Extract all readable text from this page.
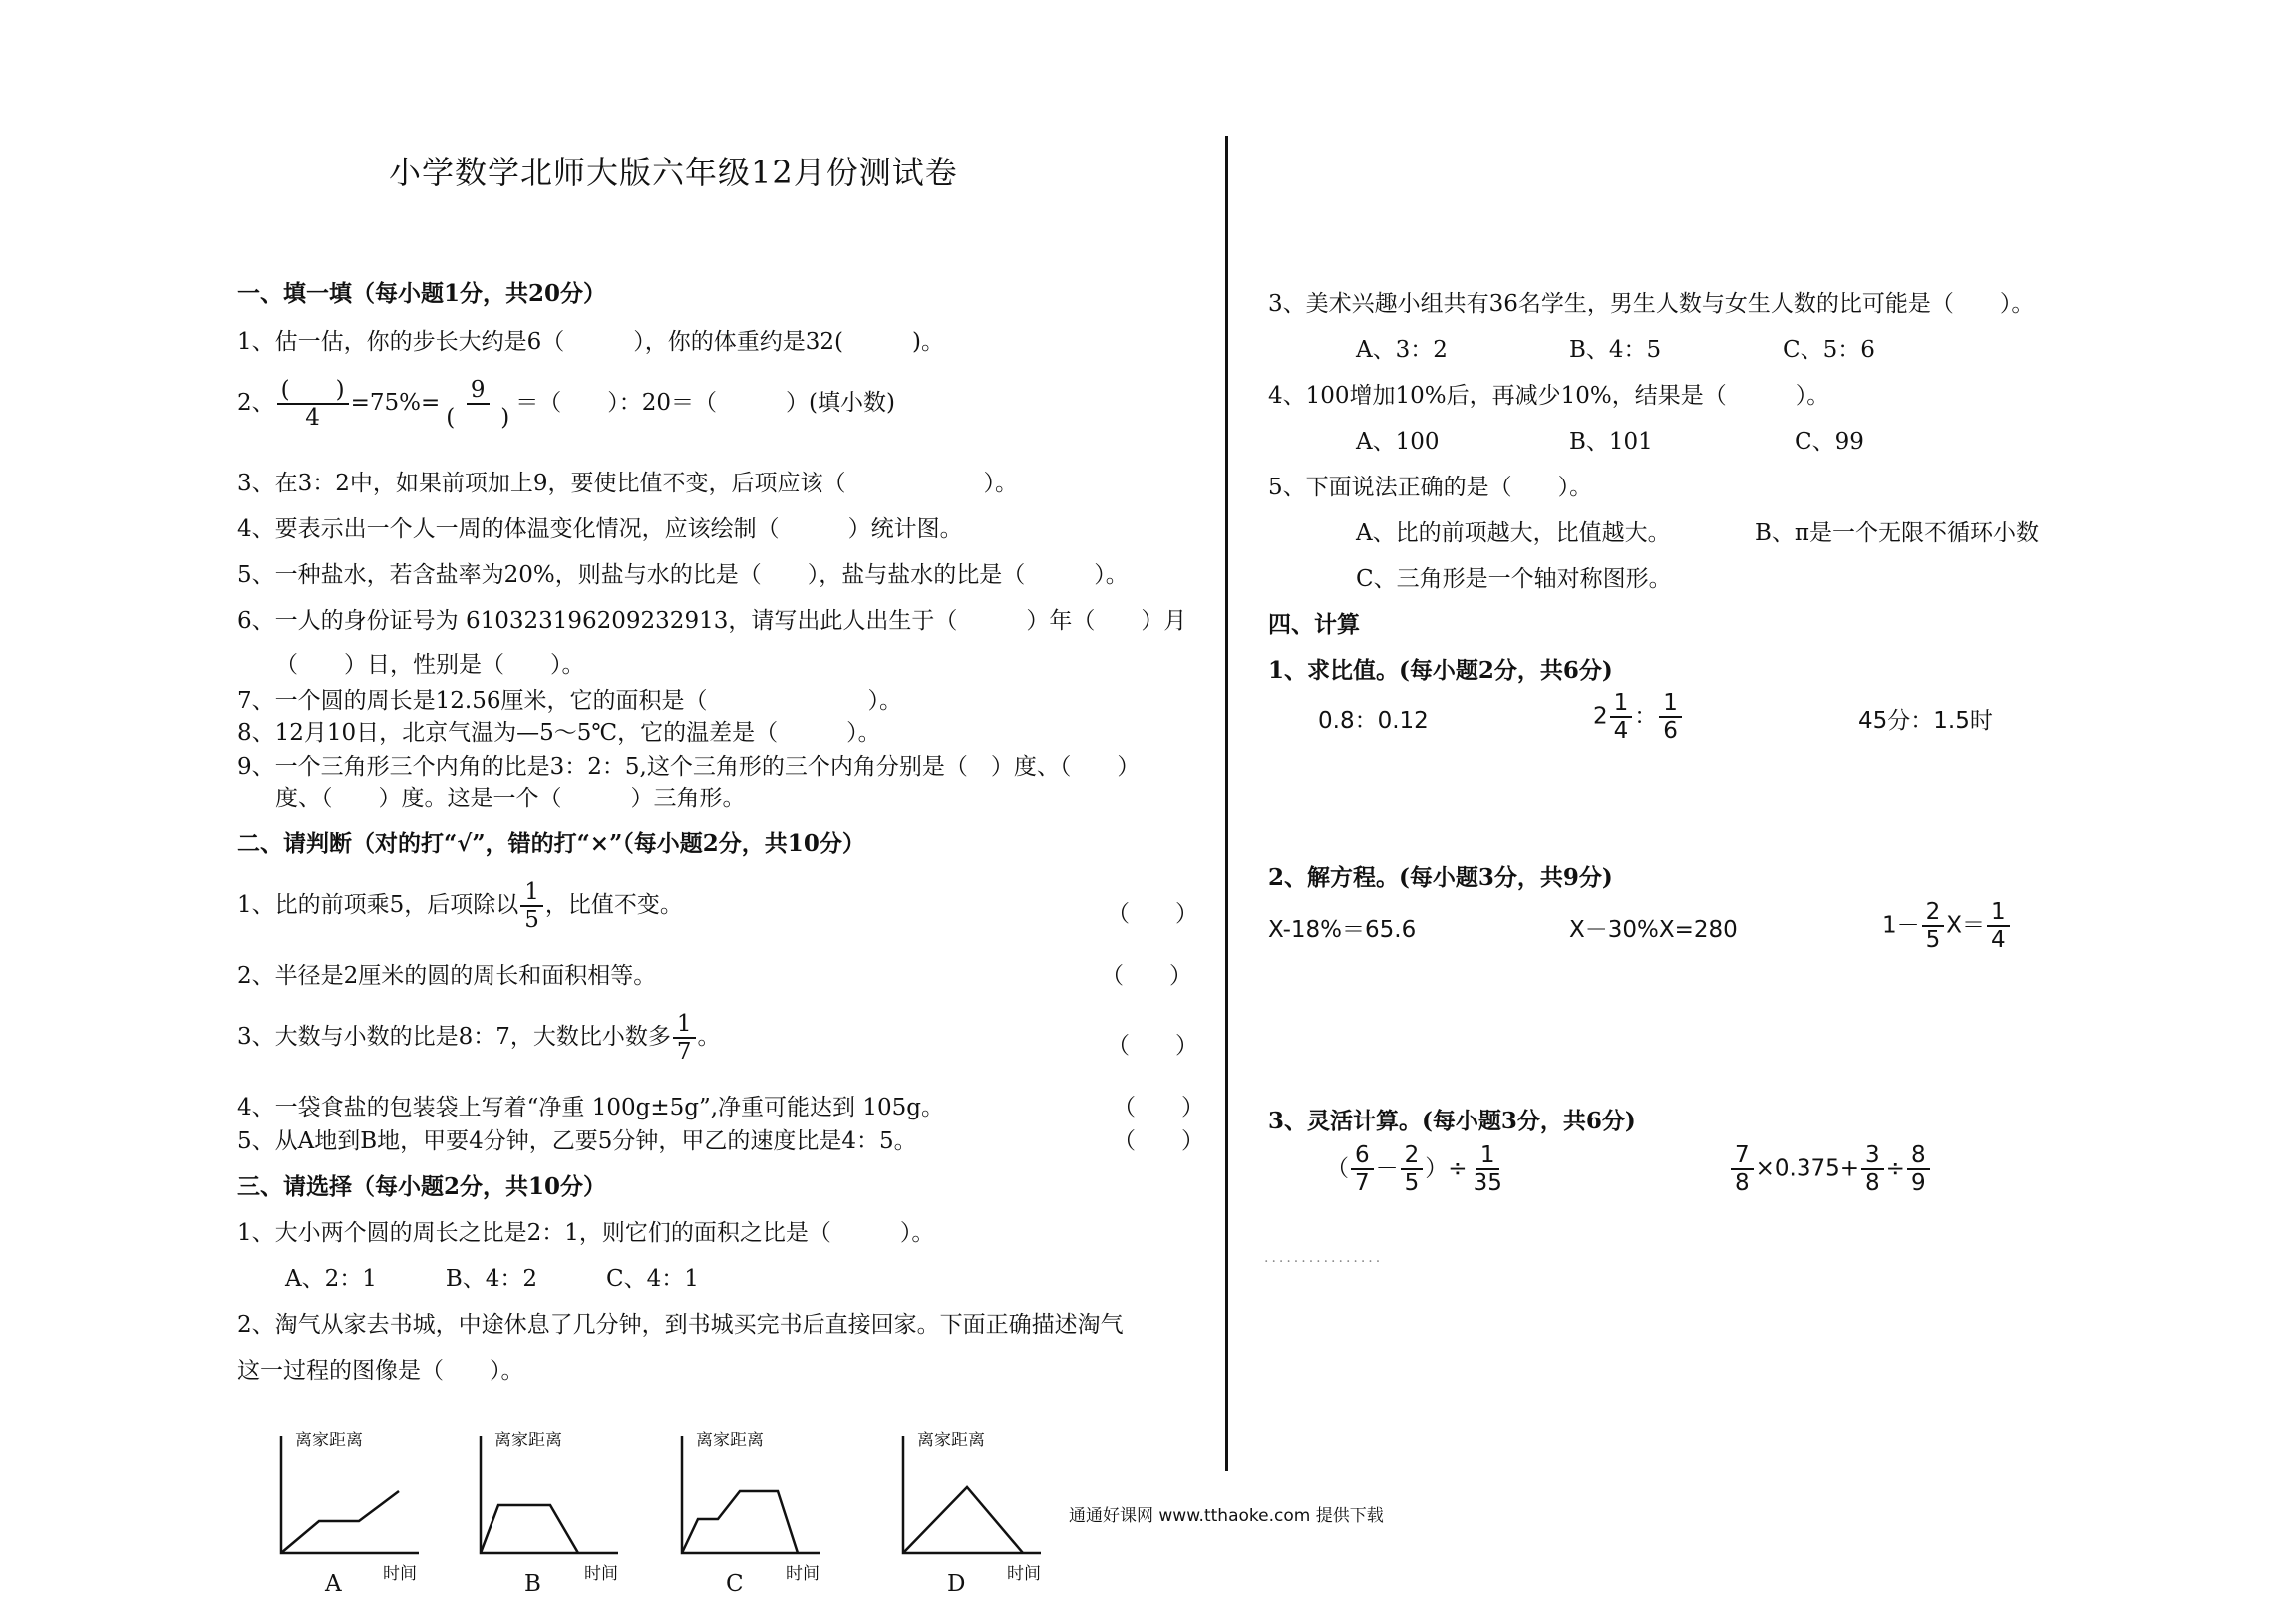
小学数学北师大版六年级12月份测试卷
一、填一填（每小题1分，共20分）
1、估一估，你的步长大约是6（　　　），你的体重约是32(　　　)。
2、 $\frac{( )}{4} =75\%= \frac{9}{( )}$ ＝（　　）：20＝（　　　）(填小数)
3、在3：2中，如果前项加上9，要使比值不变，后项应该（　　　　　　）。
4、要表示出一个人一周的体温变化情况，应该绘制（　　　）统计图。
5、一种盐水，若含盐率为20%，则盐与水的比是（　　），盐与盐水的比是（　　　）。
6、一人的身份证号为 610323196209232913，请写出此人出生于（　　　）年（　　）月
（　　）日，性别是（　　）。
7、一个圆的周长是12.56厘米，它的面积是（　　　　　　　）。
8、12月10日，北京气温为—5～5℃，它的温差是（　　　）。
9、一个三角形三个内角的比是3：2：5,这个三角形的三个内角分别是（　）度、（　　）
度、（　　）度。这是一个（　　　）三角形。
二、请判断（对的打“√”，错的打“×”（每小题2分，共10分）
1、比的前项乘5，后项除以 $\frac{1}{5}$ ，比值不变。	（　　）
2、半径是2厘米的圆的周长和面积相等。	（　　）
3、大数与小数的比是8：7，大数比小数多 $\frac{1}{7}$ 。	（　　）
4、一袋食盐的包装袋上写着“净重 100g±5g”,净重可能达到 105g。	（　　）
5、从A地到B地，甲要4分钟，乙要5分钟，甲乙的速度比是4：5。	（　　）
三、请选择（每小题2分，共10分）
1、大小两个圆的周长之比是2：1，则它们的面积之比是（　　　）。
A、2：1　　　B、4：2　　　C、4：1
2、淘气从家去书城，中途休息了几分钟，到书城买完书后直接回家。下面正确描述淘气
这一过程的图像是（　　）。
离家距离	离家距离	离家距离	离家距离
时间	时间	时间	时间
A	B	C	D
3、美术兴趣小组共有36名学生，男生人数与女生人数的比可能是（　　）。
A、3：2	B、4：5	C、5：6
4、100增加10%后，再减少10%，结果是（　　　）。
A、100	B、101	C、99
5、下面说法正确的是（　　）。
A、比的前项越大，比值越大。	B、π是一个无限不循环小数
C、三角形是一个轴对称图形。
四、计算
1、求比值。(每小题2分，共6分)
0.8：0.12	$2 \frac{1}{4}$ ： $\frac{1}{6}$	45分：1.5时
2、解方程。(每小题3分，共9分)
X-18%＝65.6	X－30%X=280	$1- \frac{2}{5} X= \frac{1}{4}$
3、灵活计算。(每小题3分，共6分)
（ $\frac{6}{7} - \frac{2}{5}$ ）÷ $\frac{1}{35}$	$\frac{7}{8} \times 0.375+ \frac{3}{8} \div \frac{8}{9}$
................
通通好课网 www.tthaoke.com 提供下载
